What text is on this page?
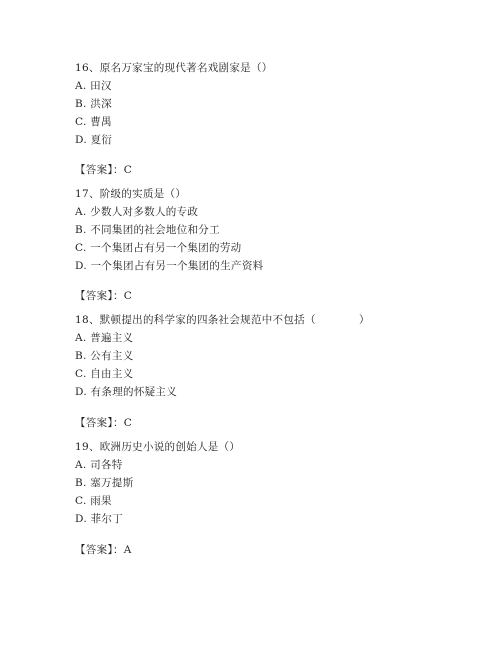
16、原名万家宝的现代著名戏剧家是（）
A. 田汉
B. 洪深
C. 曹禺
D. 夏衍
【答案】：C
17、阶级的实质是（）
A. 少数人对多数人的专政
B. 不同集团的社会地位和分工
C. 一个集团占有另一个集团的劳动
D. 一个集团占有另一个集团的生产资料
【答案】：C
18、默顿提出的科学家的四条社会规范中不包括（　　　　）
A. 普遍主义
B. 公有主义
C. 自由主义
D. 有条理的怀疑主义
【答案】：C
19、欧洲历史小说的创始人是（）
A. 司各特
B. 塞万提斯
C. 雨果
D. 菲尔丁
【答案】：A
